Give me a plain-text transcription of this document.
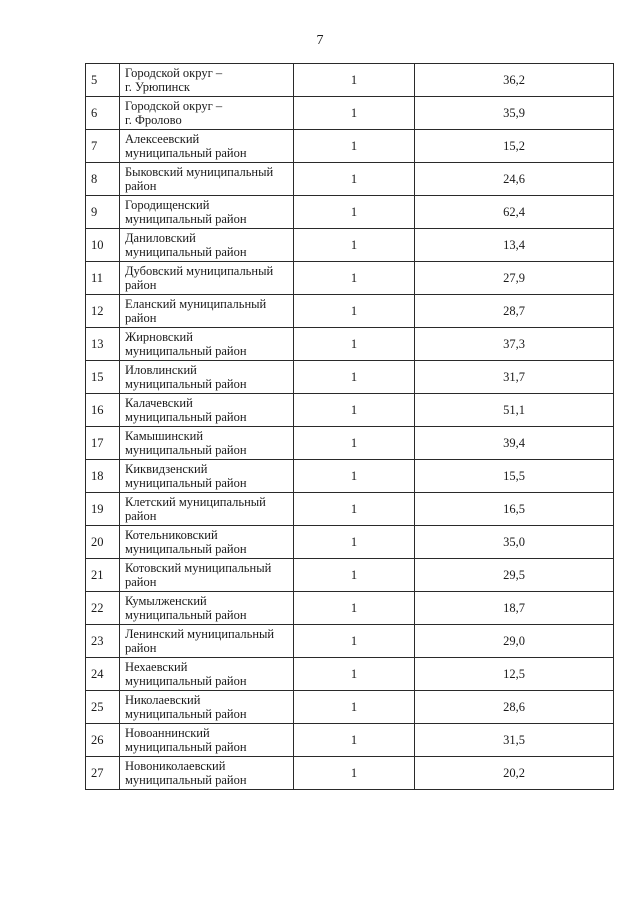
7
5	Городской округ –
г. Урюпинск	1	36,2
6	Городской округ –
г. Фролово	1	35,9
7	Алексеевский
муниципальный район	1	15,2
8	Быковский муниципальный
район	1	24,6
9	Городищенский
муниципальный район	1	62,4
10	Даниловский
муниципальный район	1	13,4
11	Дубовский муниципальный
район	1	27,9
12	Еланский муниципальный
район	1	28,7
13	Жирновский
муниципальный район	1	37,3
15	Иловлинский
муниципальный район	1	31,7
16	Калачевский
муниципальный район	1	51,1
17	Камышинский
муниципальный район	1	39,4
18	Киквидзенский
муниципальный район	1	15,5
19	Клетский муниципальный
район	1	16,5
20	Котельниковский
муниципальный район	1	35,0
21	Котовский муниципальный
район	1	29,5
22	Кумылженский
муниципальный район	1	18,7
23	Ленинский муниципальный
район	1	29,0
24	Нехаевский
муниципальный район	1	12,5
25	Николаевский
муниципальный район	1	28,6
26	Новоаннинский
муниципальный район	1	31,5
27	Новониколаевский
муниципальный район	1	20,2
